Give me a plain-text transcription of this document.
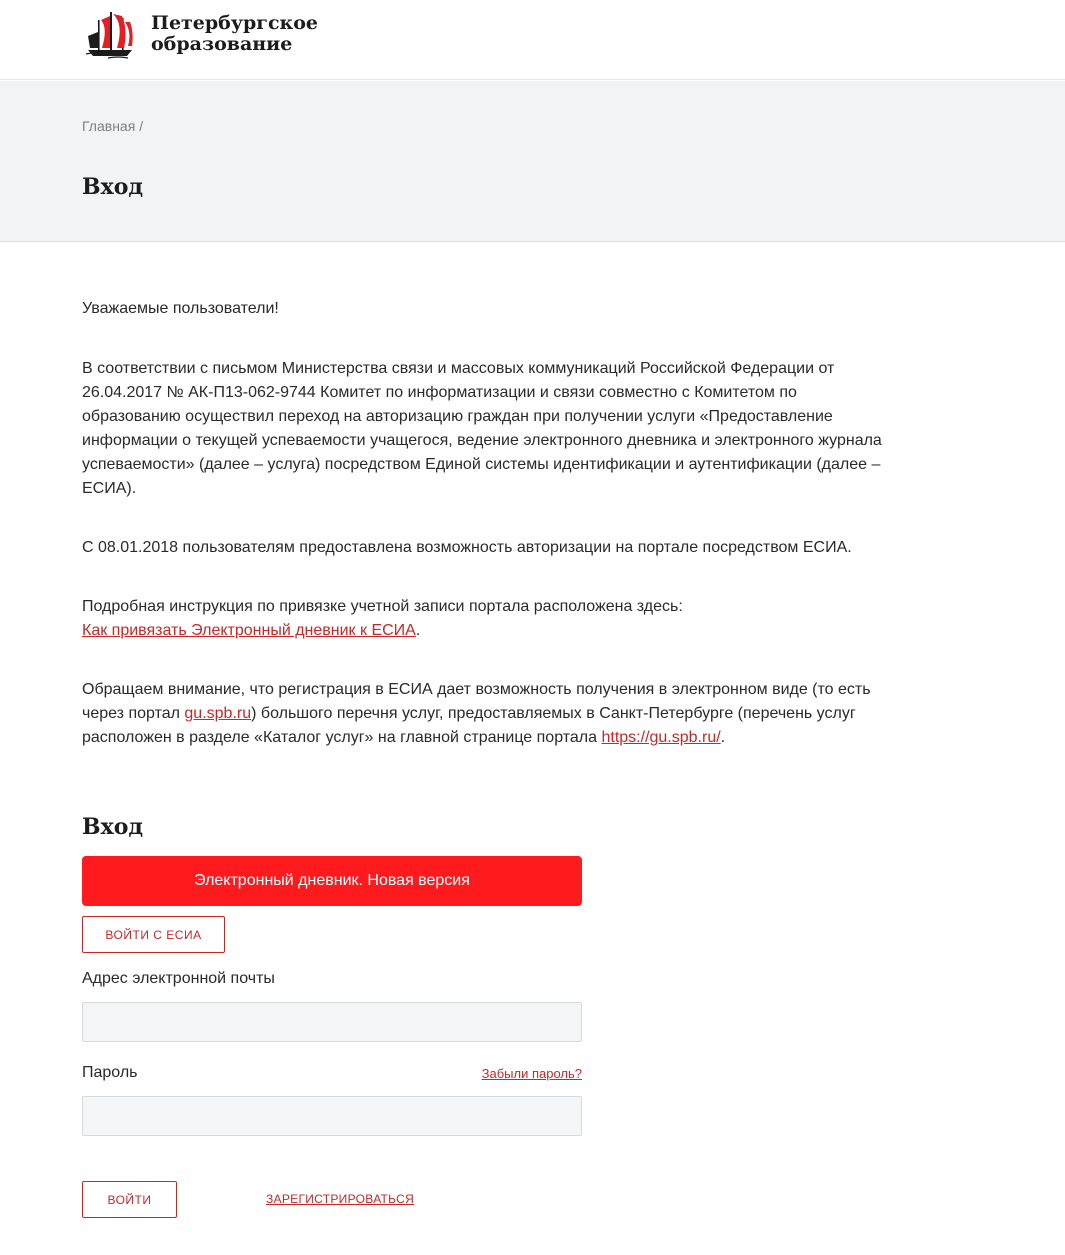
Петербургское
образование
Главная /
Вход

Уважаемые пользователи!

В соответствии с письмом Министерства связи и массовых коммуникаций Российской Федерации от 26.04.2017 № АК-П13-062-9744 Комитет по информатизации и связи совместно с Комитетом по образованию осуществил переход на авторизацию граждан при получении услуги «Предоставление информации о текущей успеваемости учащегося, ведение электронного дневника и электронного журнала успеваемости» (далее – услуга) посредством Единой системы идентификации и аутентификации (далее – ЕСИА).

С 08.01.2018 пользователям предоставлена возможность авторизации на портале посредством ЕСИА.

Подробная инструкция по привязке учетной записи портала расположена здесь:
Как привязать Электронный дневник к ЕСИА.

Обращаем внимание, что регистрация в ЕСИА дает возможность получения в электронном виде (то есть через портал gu.spb.ru) большого перечня услуг, предоставляемых в Санкт-Петербурге (перечень услуг расположен в разделе «Каталог услуг» на главной странице портала https://gu.spb.ru/.

Вход
Электронный дневник. Новая версия
ВОЙТИ С ЕСИА
Адрес электронной почты
Пароль	Забыли пароль?
ВОЙТИ	ЗАРЕГИСТРИРОВАТЬСЯ
